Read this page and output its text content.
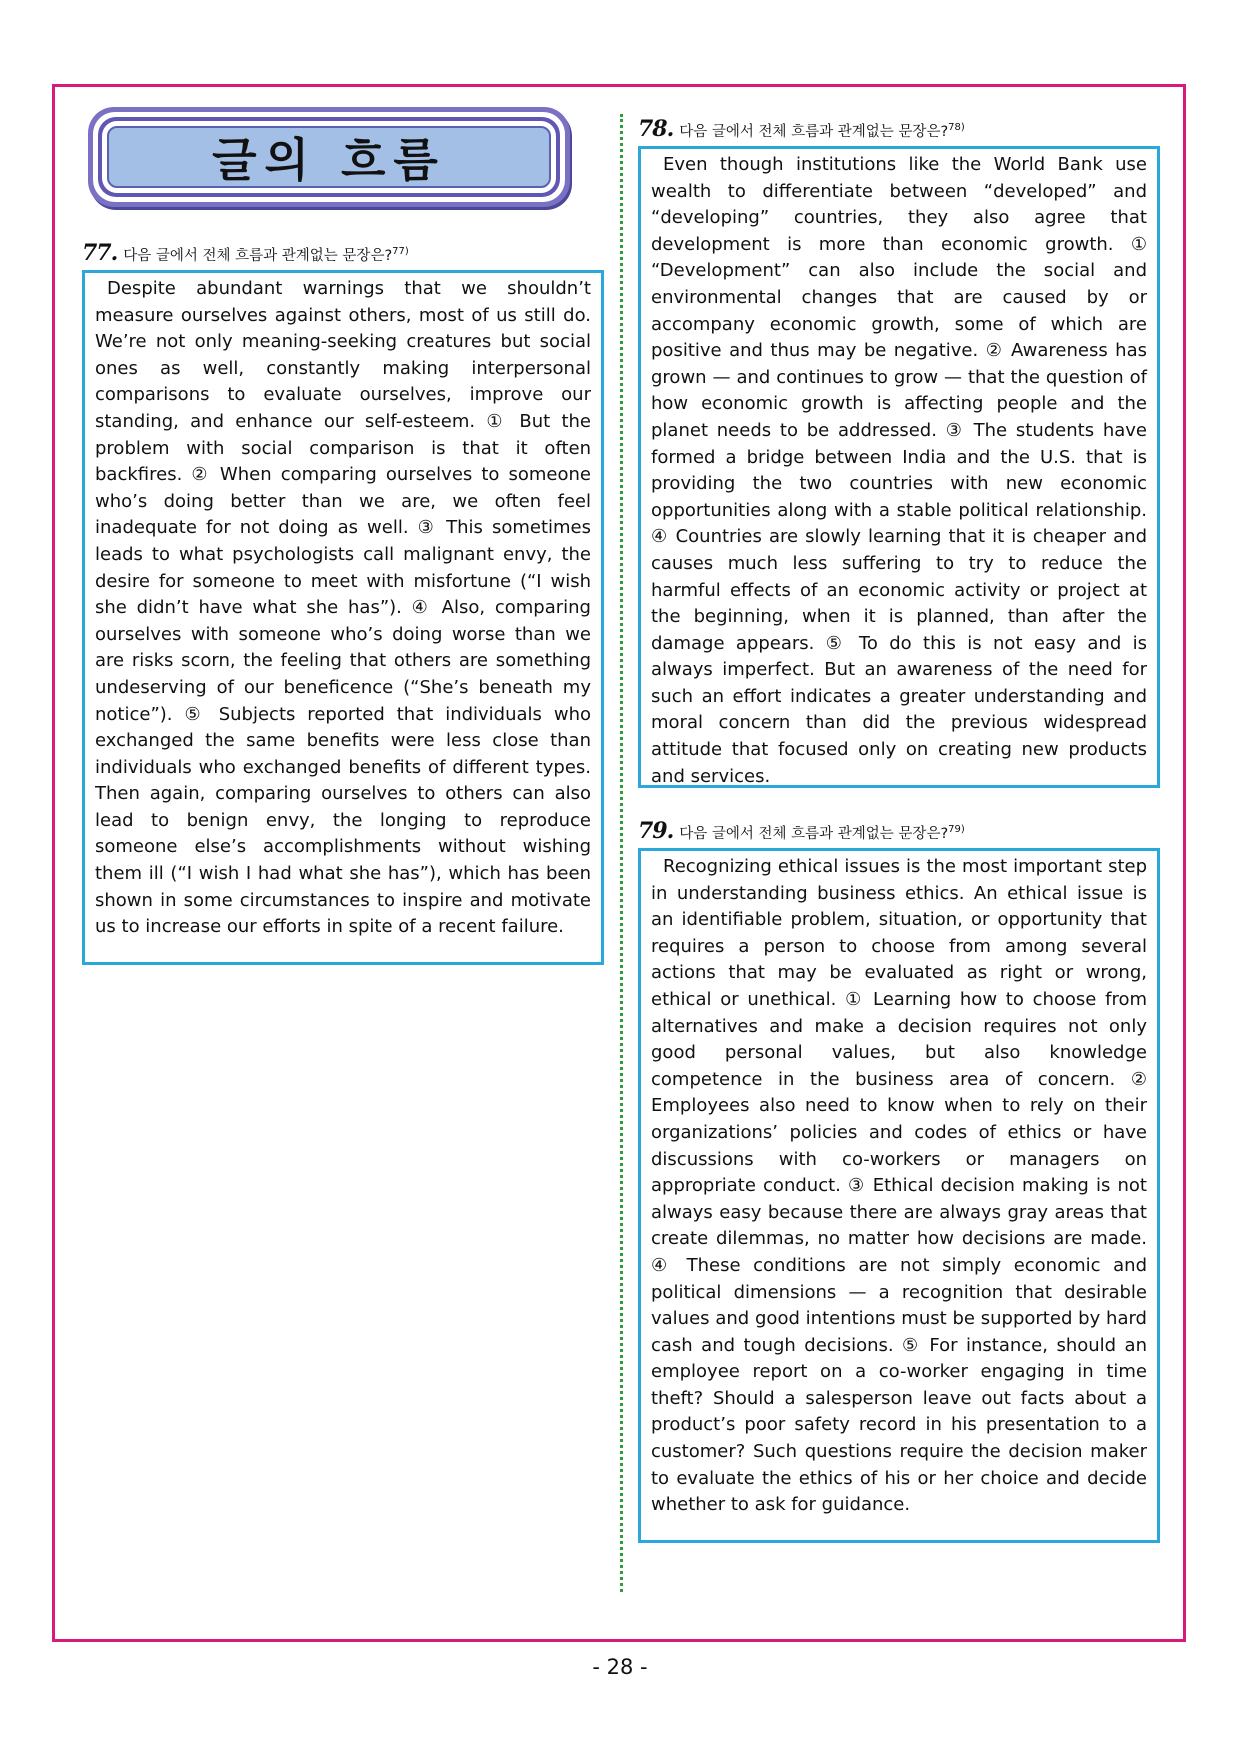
글의 흐름
77. 다음 글에서 전체 흐름과 관계없는 문장은?$^{77)}$

Despite abundant warnings that we shouldn’t measure ourselves against others, most of us still do. We’re not only meaning-seeking creatures but social ones as well, constantly making interpersonal comparisons to evaluate ourselves, improve our standing, and enhance our self-esteem. ① But the problem with social comparison is that it often backfires. ② When comparing ourselves to someone who’s doing better than we are, we often feel inadequate for not doing as well. ③ This sometimes leads to what psychologists call malignant envy, the desire for someone to meet with misfortune (“I wish she didn’t have what she has”). ④ Also, comparing ourselves with someone who’s doing worse than we are risks scorn, the feeling that others are something undeserving of our beneficence (“She’s beneath my notice”). ⑤ Subjects reported that individuals who exchanged the same benefits were less close than individuals who exchanged benefits of different types. Then again, comparing ourselves to others can also lead to benign envy, the longing to reproduce someone else’s accomplishments without wishing them ill (“I wish I had what she has”), which has been shown in some circumstances to inspire and motivate us to increase our efforts in spite of a recent failure.

78. 다음 글에서 전체 흐름과 관계없는 문장은?$^{78)}$

Even though institutions like the World Bank use wealth to differentiate between “developed” and “developing” countries, they also agree that development is more than economic growth. ① “Development” can also include the social and environmental changes that are caused by or accompany economic growth, some of which are positive and thus may be negative. ② Awareness has grown — and continues to grow — that the question of how economic growth is affecting people and the planet needs to be addressed. ③ The students have formed a bridge between India and the U.S. that is providing the two countries with new economic opportunities along with a stable political relationship. ④ Countries are slowly learning that it is cheaper and causes much less suffering to try to reduce the harmful effects of an economic activity or project at the beginning, when it is planned, than after the damage appears. ⑤ To do this is not easy and is always imperfect. But an awareness of the need for such an effort indicates a greater understanding and moral concern than did the previous widespread attitude that focused only on creating new products and services.

79. 다음 글에서 전체 흐름과 관계없는 문장은?$^{79)}$

Recognizing ethical issues is the most important step in understanding business ethics. An ethical issue is an identifiable problem, situation, or opportunity that requires a person to choose from among several actions that may be evaluated as right or wrong, ethical or unethical. ① Learning how to choose from alternatives and make a decision requires not only good personal values, but also knowledge competence in the business area of concern. ② Employees also need to know when to rely on their organizations’ policies and codes of ethics or have discussions with co-workers or managers on appropriate conduct. ③ Ethical decision making is not always easy because there are always gray areas that create dilemmas, no matter how decisions are made. ④ These conditions are not simply economic and political dimensions — a recognition that desirable values and good intentions must be supported by hard cash and tough decisions. ⑤ For instance, should an employee report on a co-worker engaging in time theft? Should a salesperson leave out facts about a product’s poor safety record in his presentation to a customer? Such questions require the decision maker to evaluate the ethics of his or her choice and decide whether to ask for guidance.

- 28 -
